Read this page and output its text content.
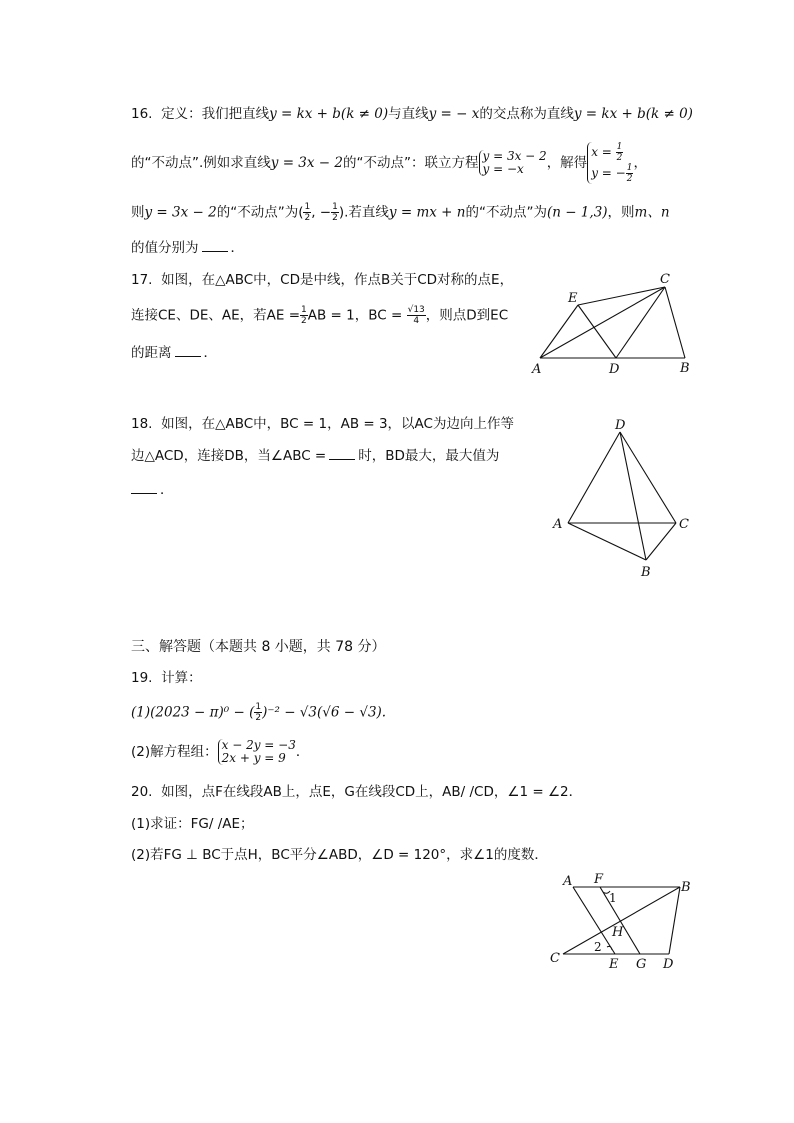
16. 定义：我们把直线y = kx + b(k ≠ 0)与直线y = − x的交点称为直线y = kx + b(k ≠ 0)
的“不动点”.例如求直线y = 3x − 2的“不动点”：联立方程 y = 3x − 2
y = −x	，解得
$x = \frac{1}{2}$
y = − $\frac{1}{2}$ ，
则y = 3x − 2的“不动点”为( $\frac{1}{2}$ , − $\frac{1}{2}$ ).若直线y = mx + n的“不动点”为(n − 1,3)，则m、n
的值分别为 ．
17. 如图，在△ABC中，CD是中线，作点B关于CD对称的点E，
连接CE、DE、AE，若AE = $\frac{1}{2}$ AB = 1，BC = $\frac{√13}{4}$ ，则点D到EC
的距离 ．
A	D	B
C
E
18. 如图，在△ABC中，BC = 1，AB = 3，以AC为边向上作等
边△ACD，连接DB，当∠ABC = 时，BD最大，最大值为
．
D
A	C
B
三、解答题（本题共 8 小题，共 78 分）
19. 计算：
(1)(2023 − π)⁰ − ( $\frac{1}{2} )^{-2} - √3(√6 - √3)$.
(2)解方程组： x − 2y = −3
2x + y = 9 ．
20. 如图，点F在线段AB上，点E，G在线段CD上，AB/ /CD，∠1 = ∠2．
(1)求证：FG/ /AE；
(2)若FG ⊥ BC于点H，BC平分∠ABD，∠D = 120°，求∠1的度数．
A F
B
1
H
2
C	E G D
